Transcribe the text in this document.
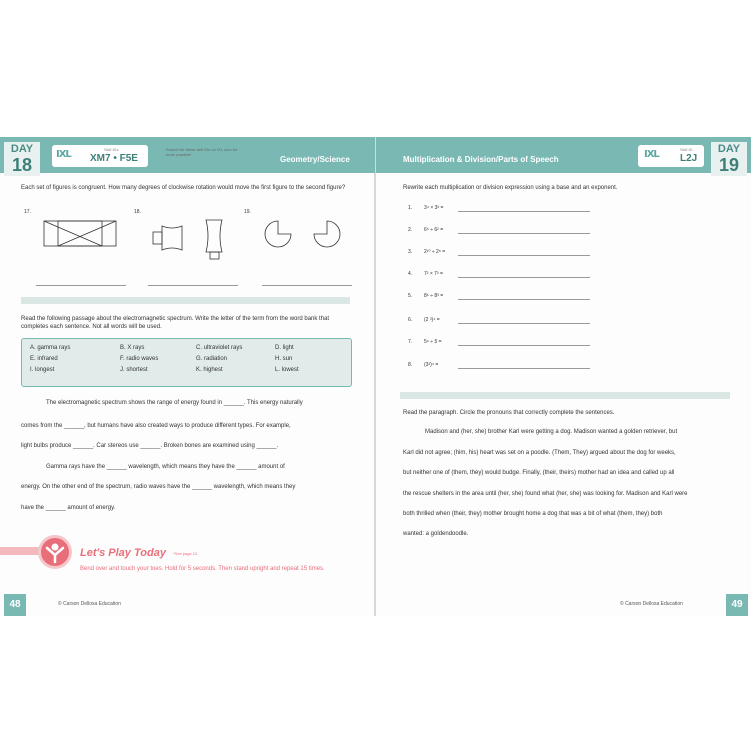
DAY
18
IXL	Skill IDs
XM7 • F5E
Search for these skill IDs on IXL.com for more practice!
Geometry/Science
Each set of figures is congruent. How many degrees of clockwise rotation would move the first figure to the second figure?
17.	18.	19.
Read the following passage about the electromagnetic spectrum. Write the letter of the term from the word bank that completes each sentence. Not all words will be used.
A. gamma rays	B. X rays	C. ultraviolet rays	D. light
E. infrared	F. radio waves	G. radiation	H. sun
I. longest	J. shortest	K. highest	L. lowest
The electromagnetic spectrum shows the range of energy found in ______. This energy naturally
comes from the ______, but humans have also created ways to produce different types. For example,
light bulbs produce ______. Car stereos use ______. Broken bones are examined using ______.
Gamma rays have the ______ wavelength, which means they have the ______ amount of
energy. On the other end of the spectrum, radio waves have the ______ wavelength, which means they
have the ______ amount of energy.
Let's Play Today *See page 12.
Bend over and touch your toes. Hold for 5 seconds. Then stand upright and repeat 15 times.
48	© Carson Dellosa Education
Multiplication & Division/Parts of Speech	IXL	Skill ID:
L2J
DAY
19
Rewrite each multiplication or division expression using a base and an exponent.
1. 3⁴ × 3³ =
2. 6⁵ ÷ 6² =
3. 2¹⁰ ÷ 2⁸ =
4. 7² × 7³ =
5. 8⁶ ÷ 8³ =
6. (2 ³)⁴ =
7. 5⁹ ÷ 5 =
8. (3²)⁴ =
Read the paragraph. Circle the pronouns that correctly complete the sentences.
Madison and (her, she) brother Karl were getting a dog. Madison wanted a golden retriever, but
Karl did not agree; (him, his) heart was set on a poodle. (Them, They) argued about the dog for weeks,
but neither one of (them, they) would budge. Finally, (their, theirs) mother had an idea and called up all
the rescue shelters in the area until (her, she) found what (her, she) was looking for. Madison and Karl were
both thrilled when (their, they) mother brought home a dog that was a bit of what (them, they) both
wanted: a goldendoodle.
© Carson Dellosa Education	49
